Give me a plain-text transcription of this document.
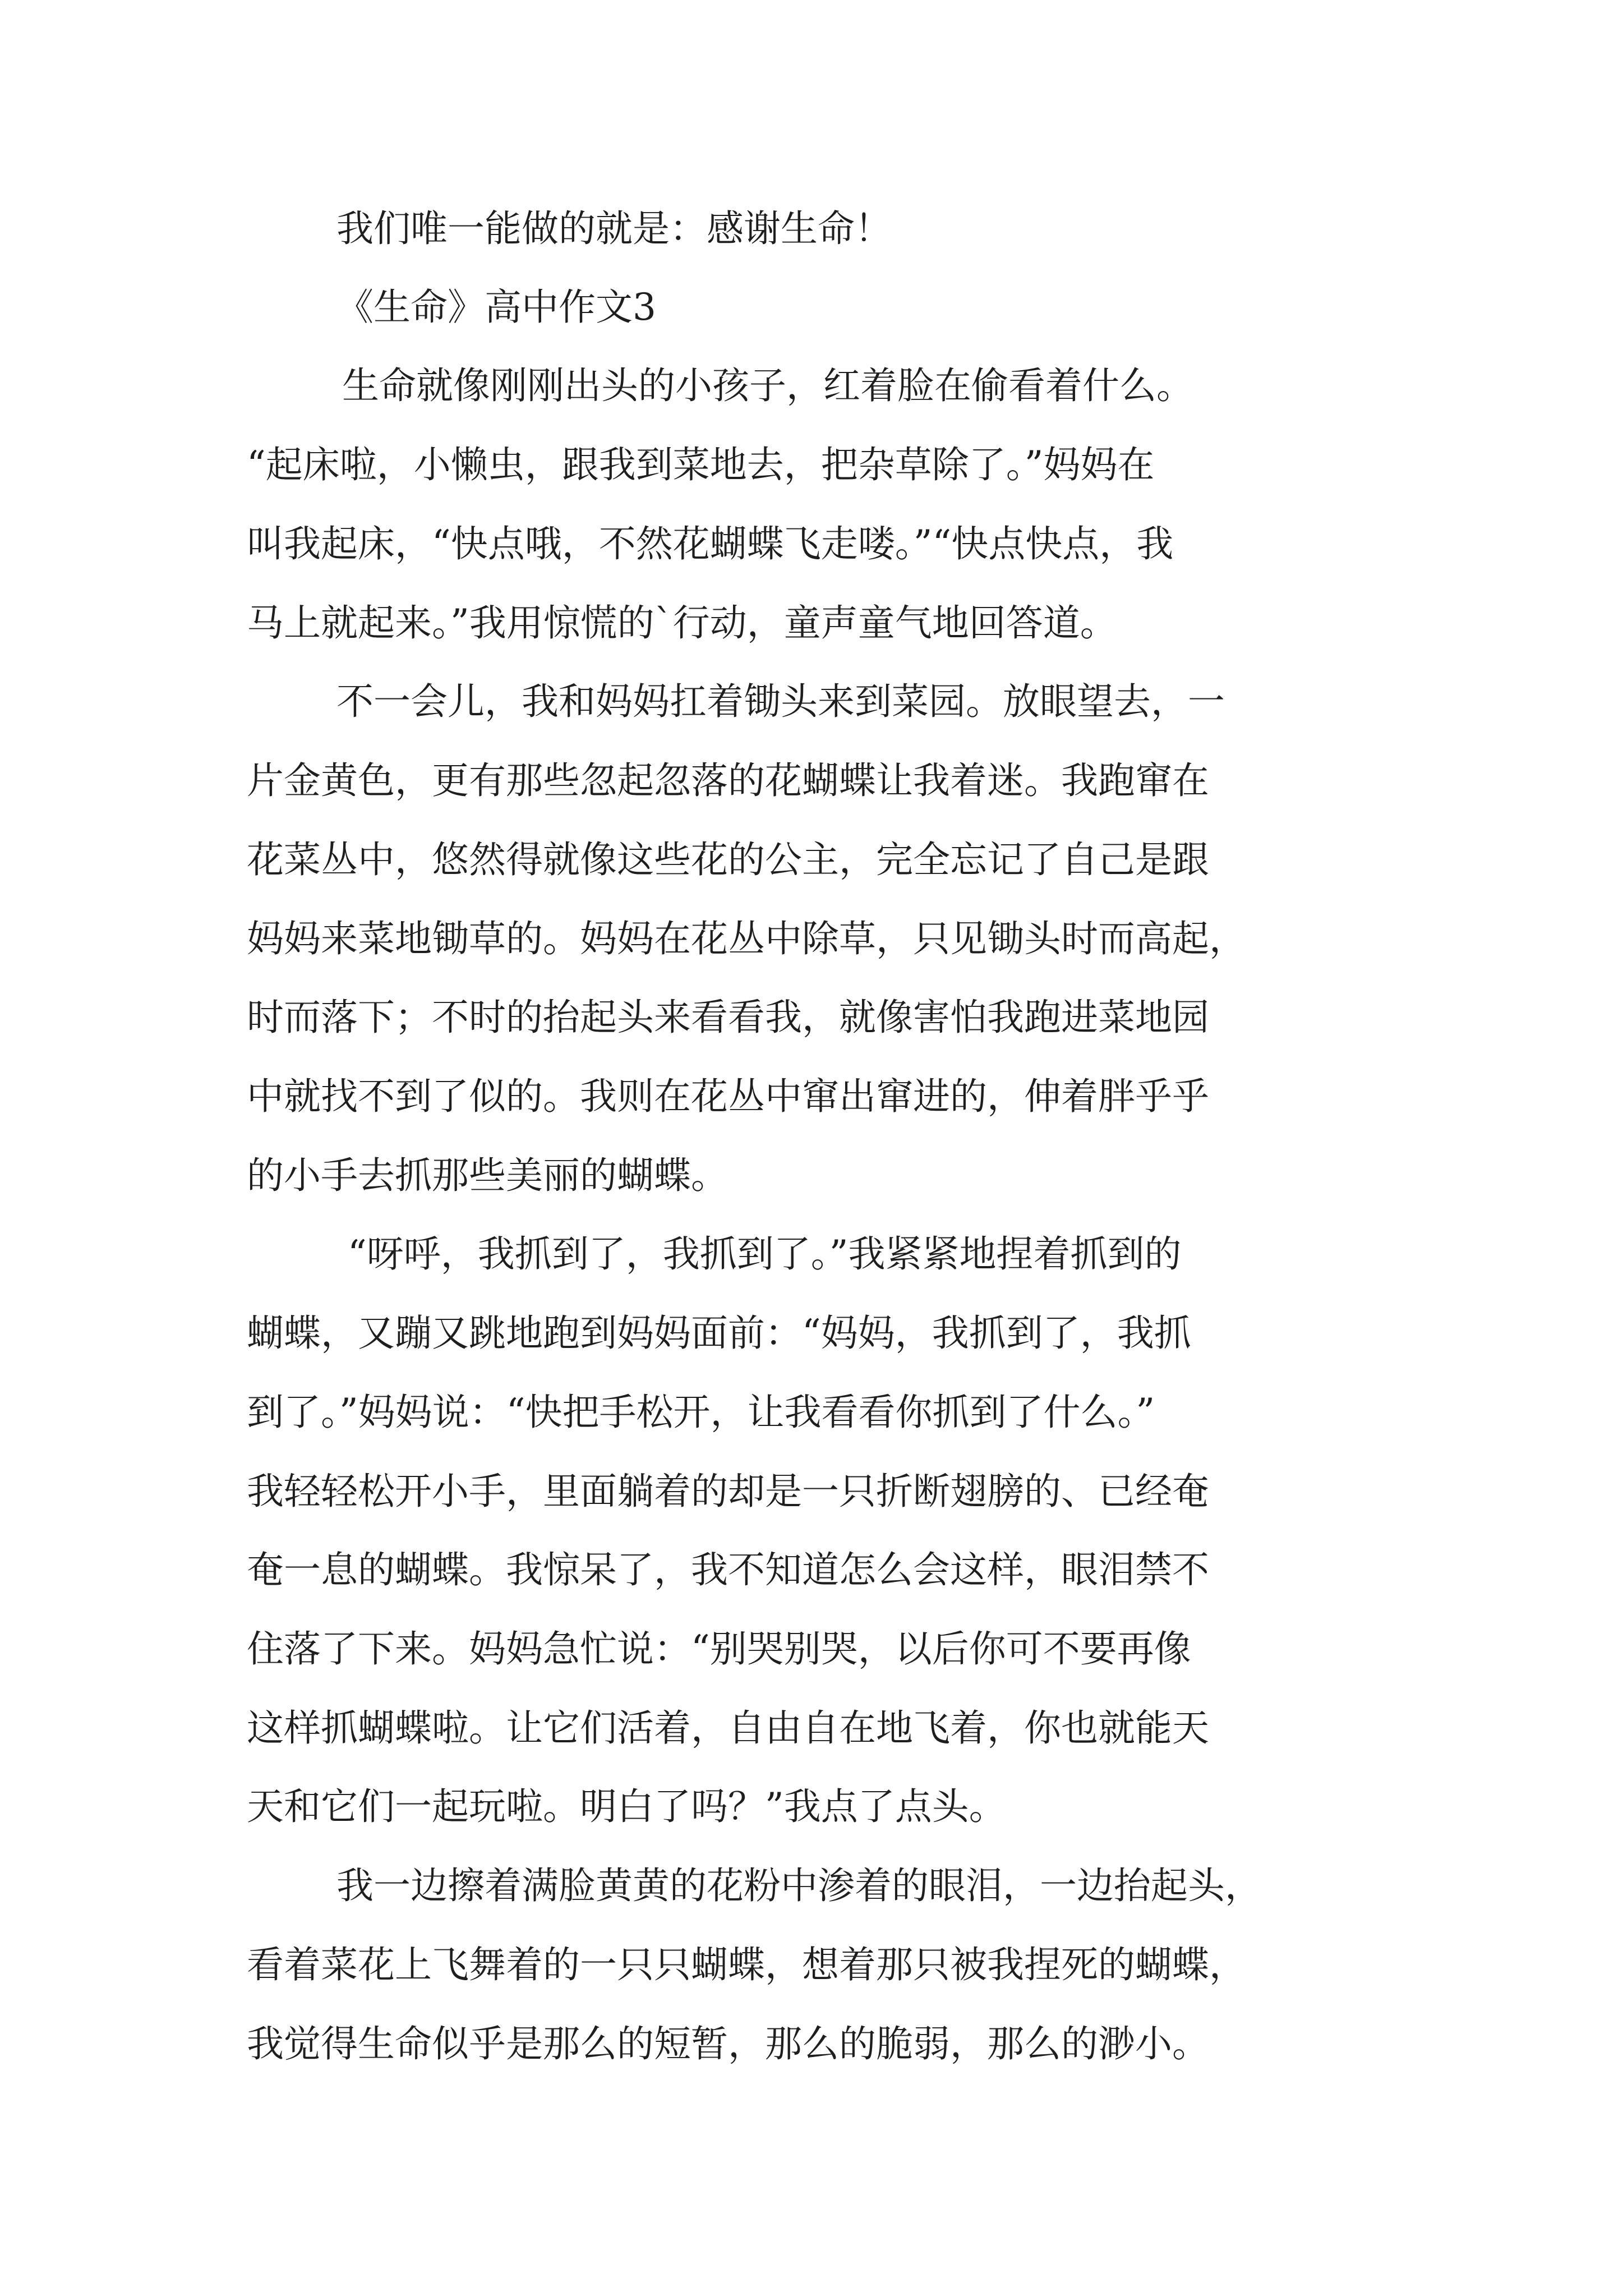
我们唯一能做的就是：感谢生命！
《生命》高中作文3
生命就像刚刚出头的小孩子，红着脸在偷看着什么。
“起床啦，小懒虫，跟我到菜地去，把杂草除了。”妈妈在
叫我起床，“快点哦，不然花蝴蝶飞走喽。”“快点快点，我
马上就起来。”我用惊慌的`行动，童声童气地回答道。
不一会儿，我和妈妈扛着锄头来到菜园。放眼望去，一
片金黄色，更有那些忽起忽落的花蝴蝶让我着迷。我跑窜在
花菜丛中，悠然得就像这些花的公主，完全忘记了自己是跟
妈妈来菜地锄草的。妈妈在花丛中除草，只见锄头时而高起，
时而落下；不时的抬起头来看看我，就像害怕我跑进菜地园
中就找不到了似的。我则在花丛中窜出窜进的，伸着胖乎乎
的小手去抓那些美丽的蝴蝶。
“呀呼，我抓到了，我抓到了。”我紧紧地捏着抓到的
蝴蝶，又蹦又跳地跑到妈妈面前：“妈妈，我抓到了，我抓
到了。”妈妈说：“快把手松开，让我看看你抓到了什么。”
我轻轻松开小手，里面躺着的却是一只折断翅膀的、已经奄
奄一息的蝴蝶。我惊呆了，我不知道怎么会这样，眼泪禁不
住落了下来。妈妈急忙说：“别哭别哭，以后你可不要再像
这样抓蝴蝶啦。让它们活着，自由自在地飞着，你也就能天
天和它们一起玩啦。明白了吗？”我点了点头。
我一边擦着满脸黄黄的花粉中渗着的眼泪，一边抬起头，
看着菜花上飞舞着的一只只蝴蝶，想着那只被我捏死的蝴蝶，
我觉得生命似乎是那么的短暂，那么的脆弱，那么的渺小。
